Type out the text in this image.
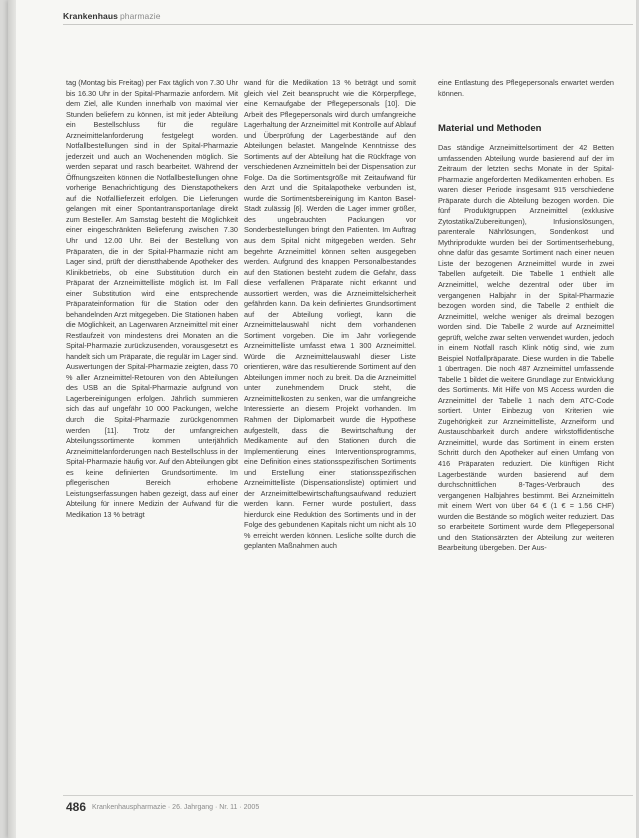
Krankenhaus pharmazie

tag (Montag bis Freitag) per Fax täglich von 7.30 Uhr bis 16.30 Uhr in der Spital-Pharmazie anfordern. Mit dem Ziel, alle Kunden innerhalb von maximal vier Stunden beliefern zu können, ist mit jeder Abteilung ein Bestellschluss für die reguläre Arzneimittelanforderung festgelegt worden. Notfallbestellungen sind in der Spital-Pharmazie jederzeit und auch an Wochenenden möglich. Sie werden separat und rasch bearbeitet. Während der Öffnungszeiten können die Notfallbestellungen ohne vorherige Benachrichtigung des Dienstapothekers auf die Notfalllieferzeit erfolgen. Die Lieferungen gelangen mit einer Spontantransportanlage direkt zum Besteller. Am Samstag besteht die Möglichkeit einer eingeschränkten Belieferung zwischen 7.30 Uhr und 12.00 Uhr. Bei der Bestellung von Präparaten, die in der Spital-Pharmazie nicht am Lager sind, prüft der dienstthabende Apotheker des Klinikbetriebs, ob eine Substitution durch ein Präparat der Arzneimittelliste möglich ist. Im Fall einer Substitution wird eine entsprechende Präparateinformation für die Station oder den behandelnden Arzt mitgegeben. Die Stationen haben die Möglichkeit, an Lagerwaren Arzneimittel mit einer Restlaufzeit von mindestens drei Monaten an die Spital-Pharmazie zurückzusenden, vorausgesetzt es handelt sich um Präparate, die regulär im Lager sind. Auswertungen der Spital-Pharmazie zeigten, dass 70 % aller Arzneimittel-Retouren von den Abteilungen des USB an die Spital-Pharmazie aufgrund von Lagerbereinigungen erfolgen. Jährlich summieren sich das auf ungefähr 10 000 Packungen, welche durch die Spital-Pharmazie zurückgenommen werden [11]. Trotz der umfangreichen Abteilungssortimente kommen unterjährlich Arzneimittelanforderungen nach Bestellschluss in der Spital-Pharmazie häufig vor. Auf den Abteilungen gibt es keine definierten Grundsortimente. Im pflegerischen Bereich erhobene Leistungserfassungen haben gezeigt, dass auf einer Abteilung für innere Medizin der Aufwand für die Medikation 13 % beträgt

wand für die Medikation 13 % beträgt und somit gleich viel Zeit beansprucht wie die Körperpflege, eine Kernaufgabe der Pflegepersonals [10]. Die Arbeit des Pflegepersonals wird durch umfangreiche Lagerhaltung der Arzneimittel mit Kontrolle auf Ablauf und Überprüfung der Lagerbestände auf den Abteilungen belastet. Mangelnde Kenntnisse des Sortiments auf der Abteilung hat die Rückfrage von verschiedenen Arzneimitteln bei der Dispensation zur Folge. Da die Sortimentsgröße mit Zeitaufwand für den Arzt und die Spitalapotheke verbunden ist, wurde die Sortimentsbereinigung im Kanton Basel-Stadt zulässig [6]. Werden die Lager immer größer, des ungebrauchten Packungen vor Sonderbestellungen bringt den Patienten. Im Auftrag aus dem Spital nicht mitgegeben werden. Sehr begehrte Arzneimittel können selten ausgegeben werden. Aufgrund des knappen Personalbestandes auf den Stationen besteht zudem die Gefahr, dass diese verfallenen Präparate nicht erkannt und aussortiert werden, was die Arzneimittelsicherheit gefährden kann. Da kein definiertes Grundsortiment auf der Abteilung vorliegt, kann die Arzneimittelauswahl nicht dem vorhandenen Sortiment vorgeben. Die im Jahr vorliegende Arzneimittelliste umfasst etwa 1 300 Arzneimittel. Würde die Arzneimittelauswahl dieser Liste orientieren, wäre das resultierende Sortiment auf den Abteilungen immer noch zu breit. Da die Arzneimittel unter zunehmendem Druck steht, die Arzneimittelkosten zu senken, war die umfangreiche Interessierte an diesem Projekt vorhanden. Im Rahmen der Diplomarbeit wurde die Hypothese aufgestellt, dass die Bewirtschaftung der Medikamente auf den Stationen durch die Implementierung eines Interventionsprogramms, eine Definition eines stationsspezifischen Sortiments und Erstellung einer stationsspezifischen Arzneimittelliste (Dispensationsliste) optimiert und der Arzneimittelbewirtschaftungsaufwand reduziert werden kann. Ferner wurde postuliert, dass hierdurck eine Reduktion des Sortiments und in der Folge des gebundenen Kapitals nicht um nicht als 10 % erreicht werden können. Lesliche sollte durch die geplanten Maßnahmen auch

eine Entlastung des Pflegepersonals erwartet werden können.

Material und Methoden

Das ständige Arzneimittelsortiment der 42 Betten umfassenden Abteilung wurde basierend auf der im Zeitraum der letzten sechs Monate in der Spital-Pharmazie angeforderten Medikamenten erhoben. Es waren dieser Periode insgesamt 915 verschiedene Präparate durch die Abteilung bezogen worden. Die fünf Produktgruppen Arzneimittel (exklusive Zytostatika/Zubereitungen), Infusionslösungen, parenterale Nährlösungen, Sondenkost und Mythriprodukte wurden bei der Sortimentserhebung, ohne dafür das gesamte Sortiment nach einer neuen Liste der bezogenen Arzneimittel wurde in zwei Tabellen aufgeteilt. Die Tabelle 1 enthielt alle Arzneimittel, welche dezentral oder über im vergangenen Halbjahr in der Spital-Pharmazie bezogen worden sind, die Tabelle 2 enthielt die Arzneimittel, welche weniger als dreimal bezogen worden sind. Die Tabelle 2 wurde auf Arzneimittel geprüft, welche zwar selten verwendet wurden, jedoch in einem Notfall rasch Klink nötig sind, wie zum Beispiel Notfallpräparate. Diese wurden in die Tabelle 1 übertragen. Die noch 487 Arzneimittel umfassende Tabelle 1 bildet die weitere Grundlage zur Entwicklung des Sortiments. Mit Hilfe von MS Access wurden die Arzneimittel der Tabelle 1 nach dem ATC-Code sortiert. Unter Einbezug von Kriterien wie Zugehörigkeit zur Arzneimittelliste, Arzneiform und Austauschbarkeit durch andere wirkstoffidentische Arzneimittel, wurde das Sortiment in einem ersten Schritt durch den Apotheker auf einen Umfang von 416 Präparaten reduziert. Die künftigen Richt Lagerbestände wurden basierend auf dem durchschnittlichen 8-Tages-Verbrauch des vergangenen Halbjahres bestimmt. Bei Arzneimitteln mit einem Wert von über 64 € (1 € = 1.56 CHF) wurden die Bestände so möglich weiter reduziert. Das so erarbeitete Sortiment wurde dem Pflegepersonal und den Stationsärzten der Abteilung zur weiteren Bearbeitung übergeben. Der Aus-

486 Krankenhauspharmazie · 26. Jahrgang · Nr. 11 · 2005
